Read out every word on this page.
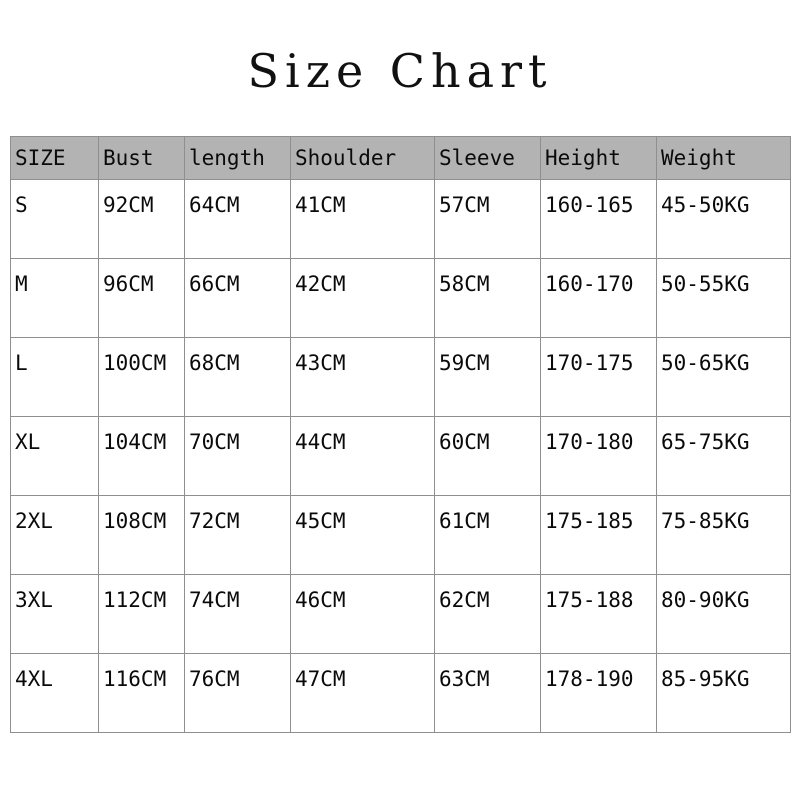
Size Chart
SIZE	Bust	length	Shoulder	Sleeve	Height	Weight

S	92CM	64CM	41CM	57CM	160-165	45-50KG

M	96CM	66CM	42CM	58CM	160-170	50-55KG

L	100CM	68CM	43CM	59CM	170-175	50-65KG

XL	104CM	70CM	44CM	60CM	170-180	65-75KG

2XL	108CM	72CM	45CM	61CM	175-185	75-85KG

3XL	112CM	74CM	46CM	62CM	175-188	80-90KG

4XL	116CM	76CM	47CM	63CM	178-190	85-95KG
